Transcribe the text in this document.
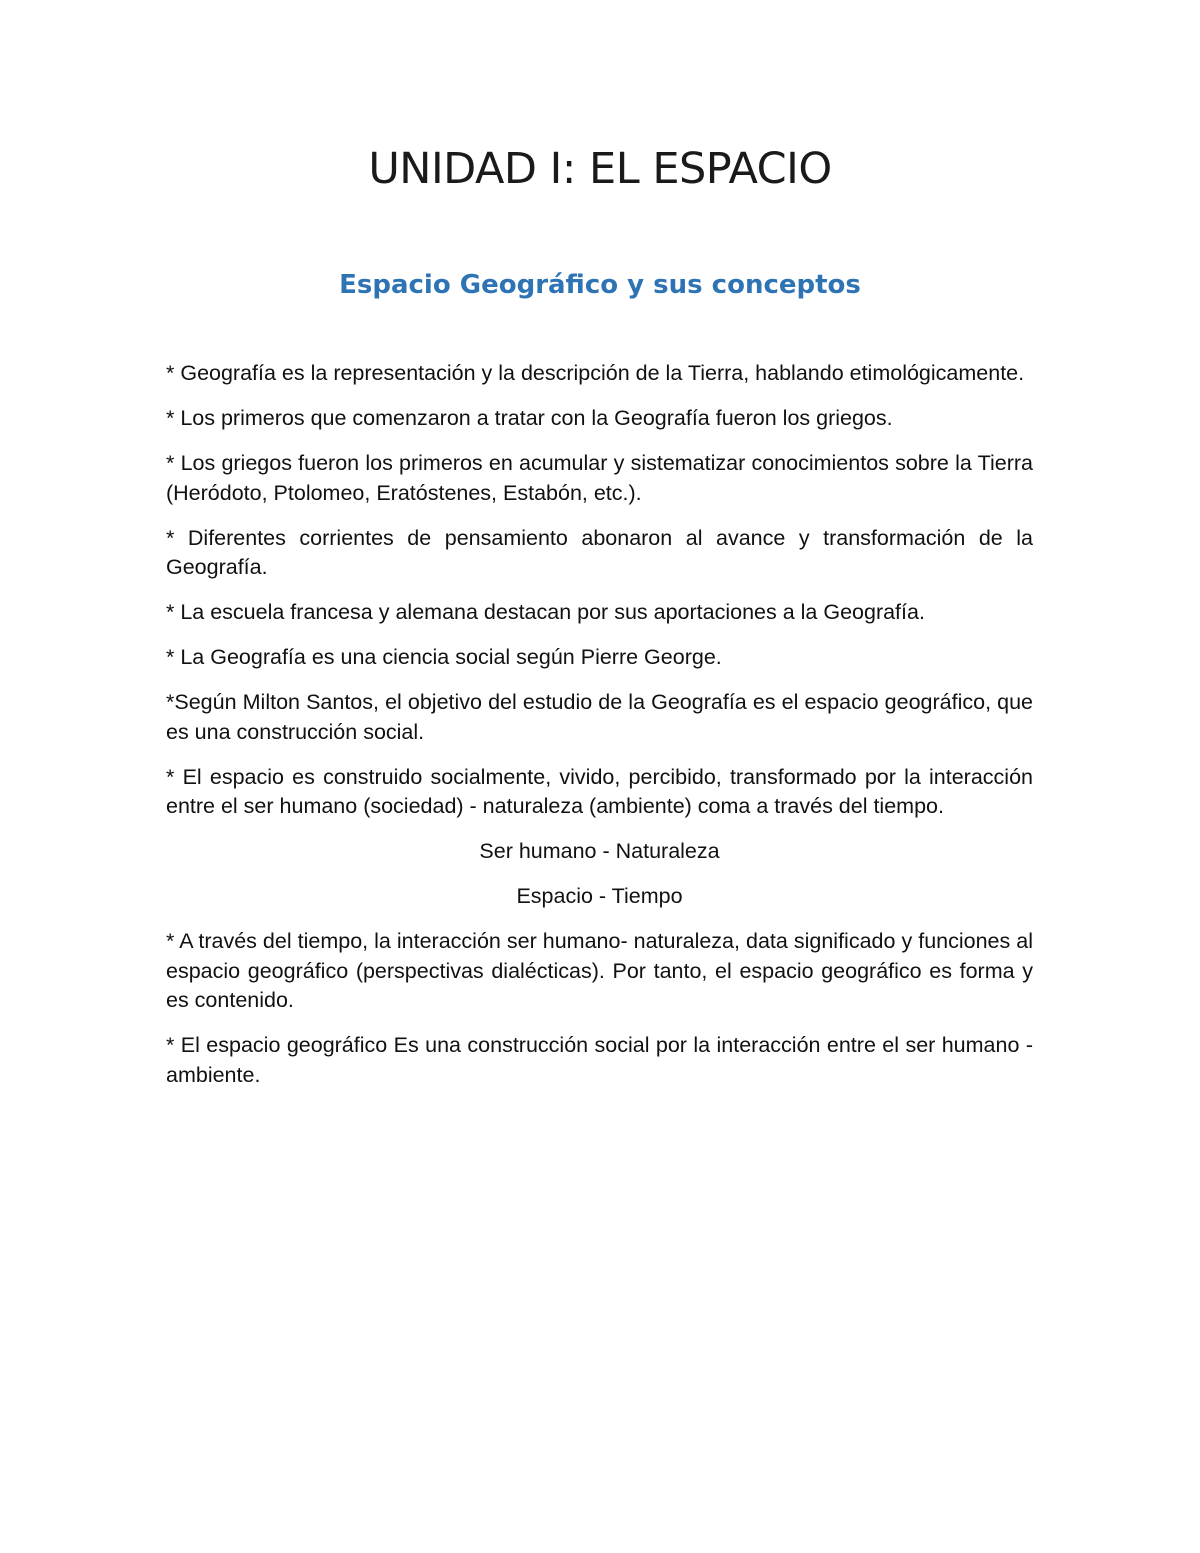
UNIDAD I: EL ESPACIO
Espacio Geográfico y sus conceptos

* Geografía es la representación y la descripción de la Tierra, hablando etimológicamente.

* Los primeros que comenzaron a tratar con la Geografía fueron los griegos.

* Los griegos fueron los primeros en acumular y sistematizar conocimientos sobre la Tierra (Heródoto, Ptolomeo, Eratóstenes, Estabón, etc.).

* Diferentes corrientes de pensamiento abonaron al avance y transformación de la Geografía.

* La escuela francesa y alemana destacan por sus aportaciones a la Geografía.

* La Geografía es una ciencia social según Pierre George.

*Según Milton Santos, el objetivo del estudio de la Geografía es el espacio geográfico, que es una construcción social.

* El espacio es construido socialmente, vivido, percibido, transformado por la interacción entre el ser humano (sociedad) - naturaleza (ambiente) coma a través del tiempo.

Ser humano - Naturaleza

Espacio - Tiempo

* A través del tiempo, la interacción ser humano- naturaleza, data significado y funciones al espacio geográfico (perspectivas dialécticas). Por tanto, el espacio geográfico es forma y es contenido.

* El espacio geográfico Es una construcción social por la interacción entre el ser humano - ambiente.
